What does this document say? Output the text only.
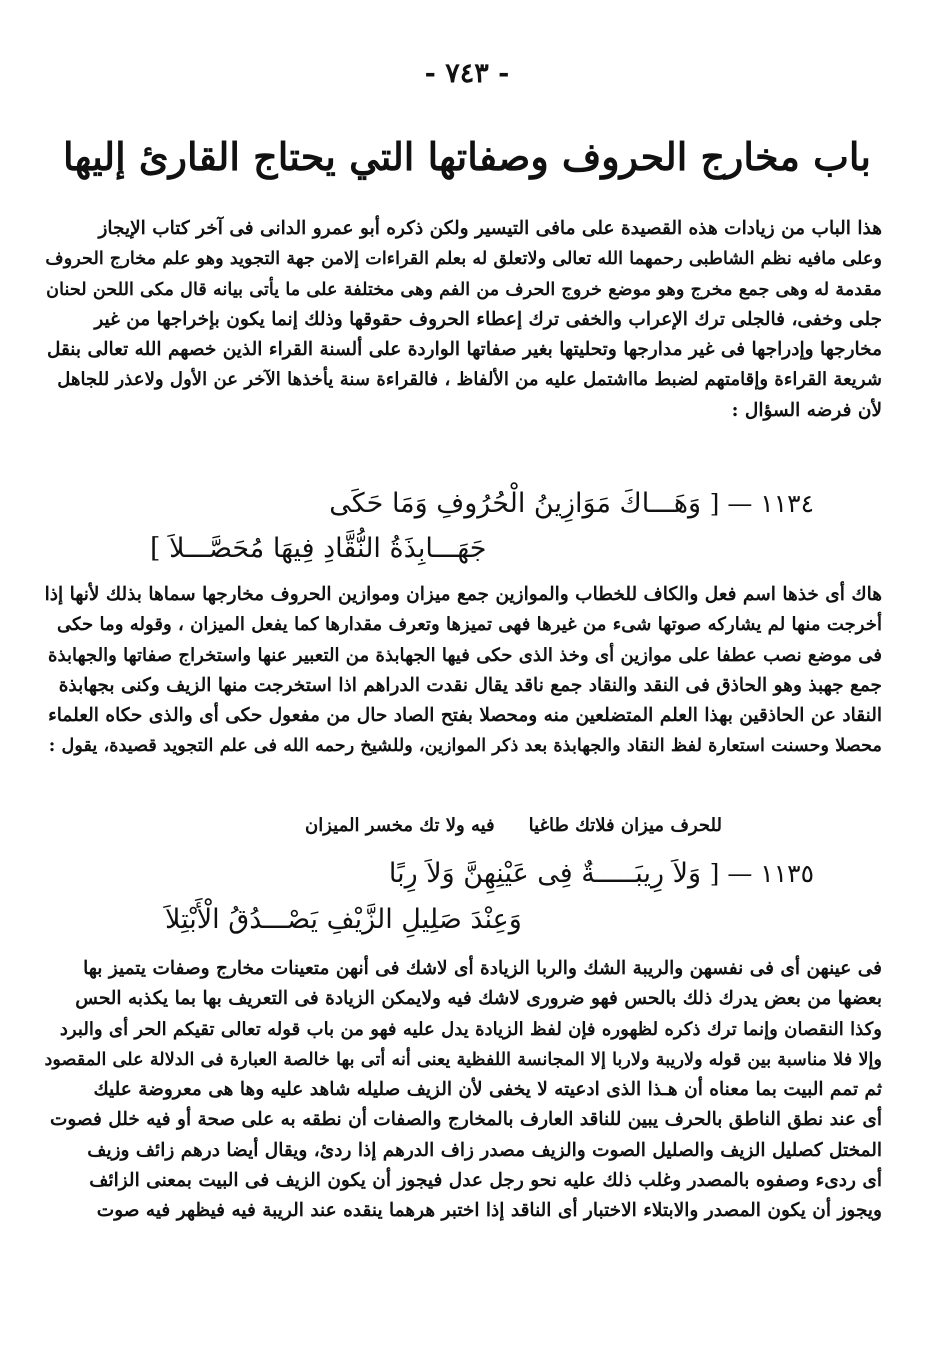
- ٧٤٣ -
باب مخارج الحروف وصفاتها التي يحتاج القارئ إليها
هذا الباب من زيادات هذه القصيدة على مافى التيسير ولكن ذكره أبو عمرو الدانى فى آخر كتاب الإيجاز
وعلى مافيه نظم الشاطبى رحمهما الله تعالى ولاتعلق له بعلم القراءات إلامن جهة التجويد وهو علم مخارج الحروف
مقدمة له وهى جمع مخرج وهو موضع خروج الحرف من الفم وهى مختلفة على ما يأتى بيانه قال مكى اللحن لحنان
جلى وخفى، فالجلى ترك الإعراب والخفى ترك إعطاء الحروف حقوقها وذلك إنما يكون بإخراجها من غير
مخارجها وإدراجها فى غير مدارجها وتحليتها بغير صفاتها الواردة على ألسنة القراء الذين خصهم الله تعالى بنقل
شريعة القراءة وإقامتهم لضبط مااشتمل عليه من الألفاظ ، فالقراءة سنة يأخذها الآخر عن الأول ولاعذر للجاهل
لأن فرضه السؤال :
١١٣٤ — [ وَهَـــاكَ مَوَازِينُ الْحُرُوفِ وَمَا حَكَى
جَهَـــابِذَةُ النُّقَّادِ فِيهَا مُحَصَّـــلاَ ]
هاك أى خذها اسم فعل والكاف للخطاب والموازين جمع ميزان وموازين الحروف مخارجها سماها بذلك لأنها إذا
أخرجت منها لم يشاركه صوتها شىء من غيرها فهى تميزها وتعرف مقدارها كما يفعل الميزان ، وقوله وما حكى
فى موضع نصب عطفا على موازين أى وخذ الذى حكى فيها الجهابذة من التعبير عنها واستخراج صفاتها والجهابذة
جمع جهبذ وهو الحاذق فى النقد والنقاد جمع ناقد يقال نقدت الدراهم اذا استخرجت منها الزيف وكنى بجهابذة
النقاد عن الحاذقين بهذا العلم المتضلعين منه ومحصلا بفتح الصاد حال من مفعول حكى أى والذى حكاه العلماء
محصلا وحسنت استعارة لفظ النقاد والجهابذة بعد ذكر الموازين، وللشيخ رحمه الله فى علم التجويد قصيدة، يقول :
للحرف ميزان فلاتك طاغيافيه ولا تك مخسر الميزان
١١٣٥ — [ وَلاَ رِيبَـــــةٌ فِى عَيْنِهِنَّ وَلاَ رِبًا
وَعِنْدَ صَلِيلِ الزَّيْفِ يَصْـــدُقُ الْأَبْتِلاَ
فى عينهن أى فى نفسهن والريبة الشك والربا الزيادة أى لاشك فى أنهن متعينات مخارج وصفات يتميز بها
بعضها من بعض يدرك ذلك بالحس فهو ضرورى لاشك فيه ولايمكن الزيادة فى التعريف بها بما يكذبه الحس
وكذا النقصان وإنما ترك ذكره لظهوره فإن لفظ الزيادة يدل عليه فهو من باب قوله تعالى تقيكم الحر أى والبرد
وإلا فلا مناسبة بين قوله ولاريبة ولاربا إلا المجانسة اللفظية يعنى أنه أتى بها خالصة العبارة فى الدلالة على المقصود
ثم تمم البيت بما معناه أن هـذا الذى ادعيته لا يخفى لأن الزيف صليله شاهد عليه وها هى معروضة عليك
أى عند نطق الناطق بالحرف يبين للناقد العارف بالمخارج والصفات أن نطقه به على صحة أو فيه خلل فصوت
المختل كصليل الزيف والصليل الصوت والزيف مصدر زاف الدرهم إذا ردئ، ويقال أيضا درهم زائف وزيف
أى ردىء وصفوه بالمصدر وغلب ذلك عليه نحو رجل عدل فيجوز أن يكون الزيف فى البيت بمعنى الزائف
ويجوز أن يكون المصدر والابتلاء الاختبار أى الناقد إذا اختبر هرهما ينقده عند الريبة فيه فيظهر فيه صوت
